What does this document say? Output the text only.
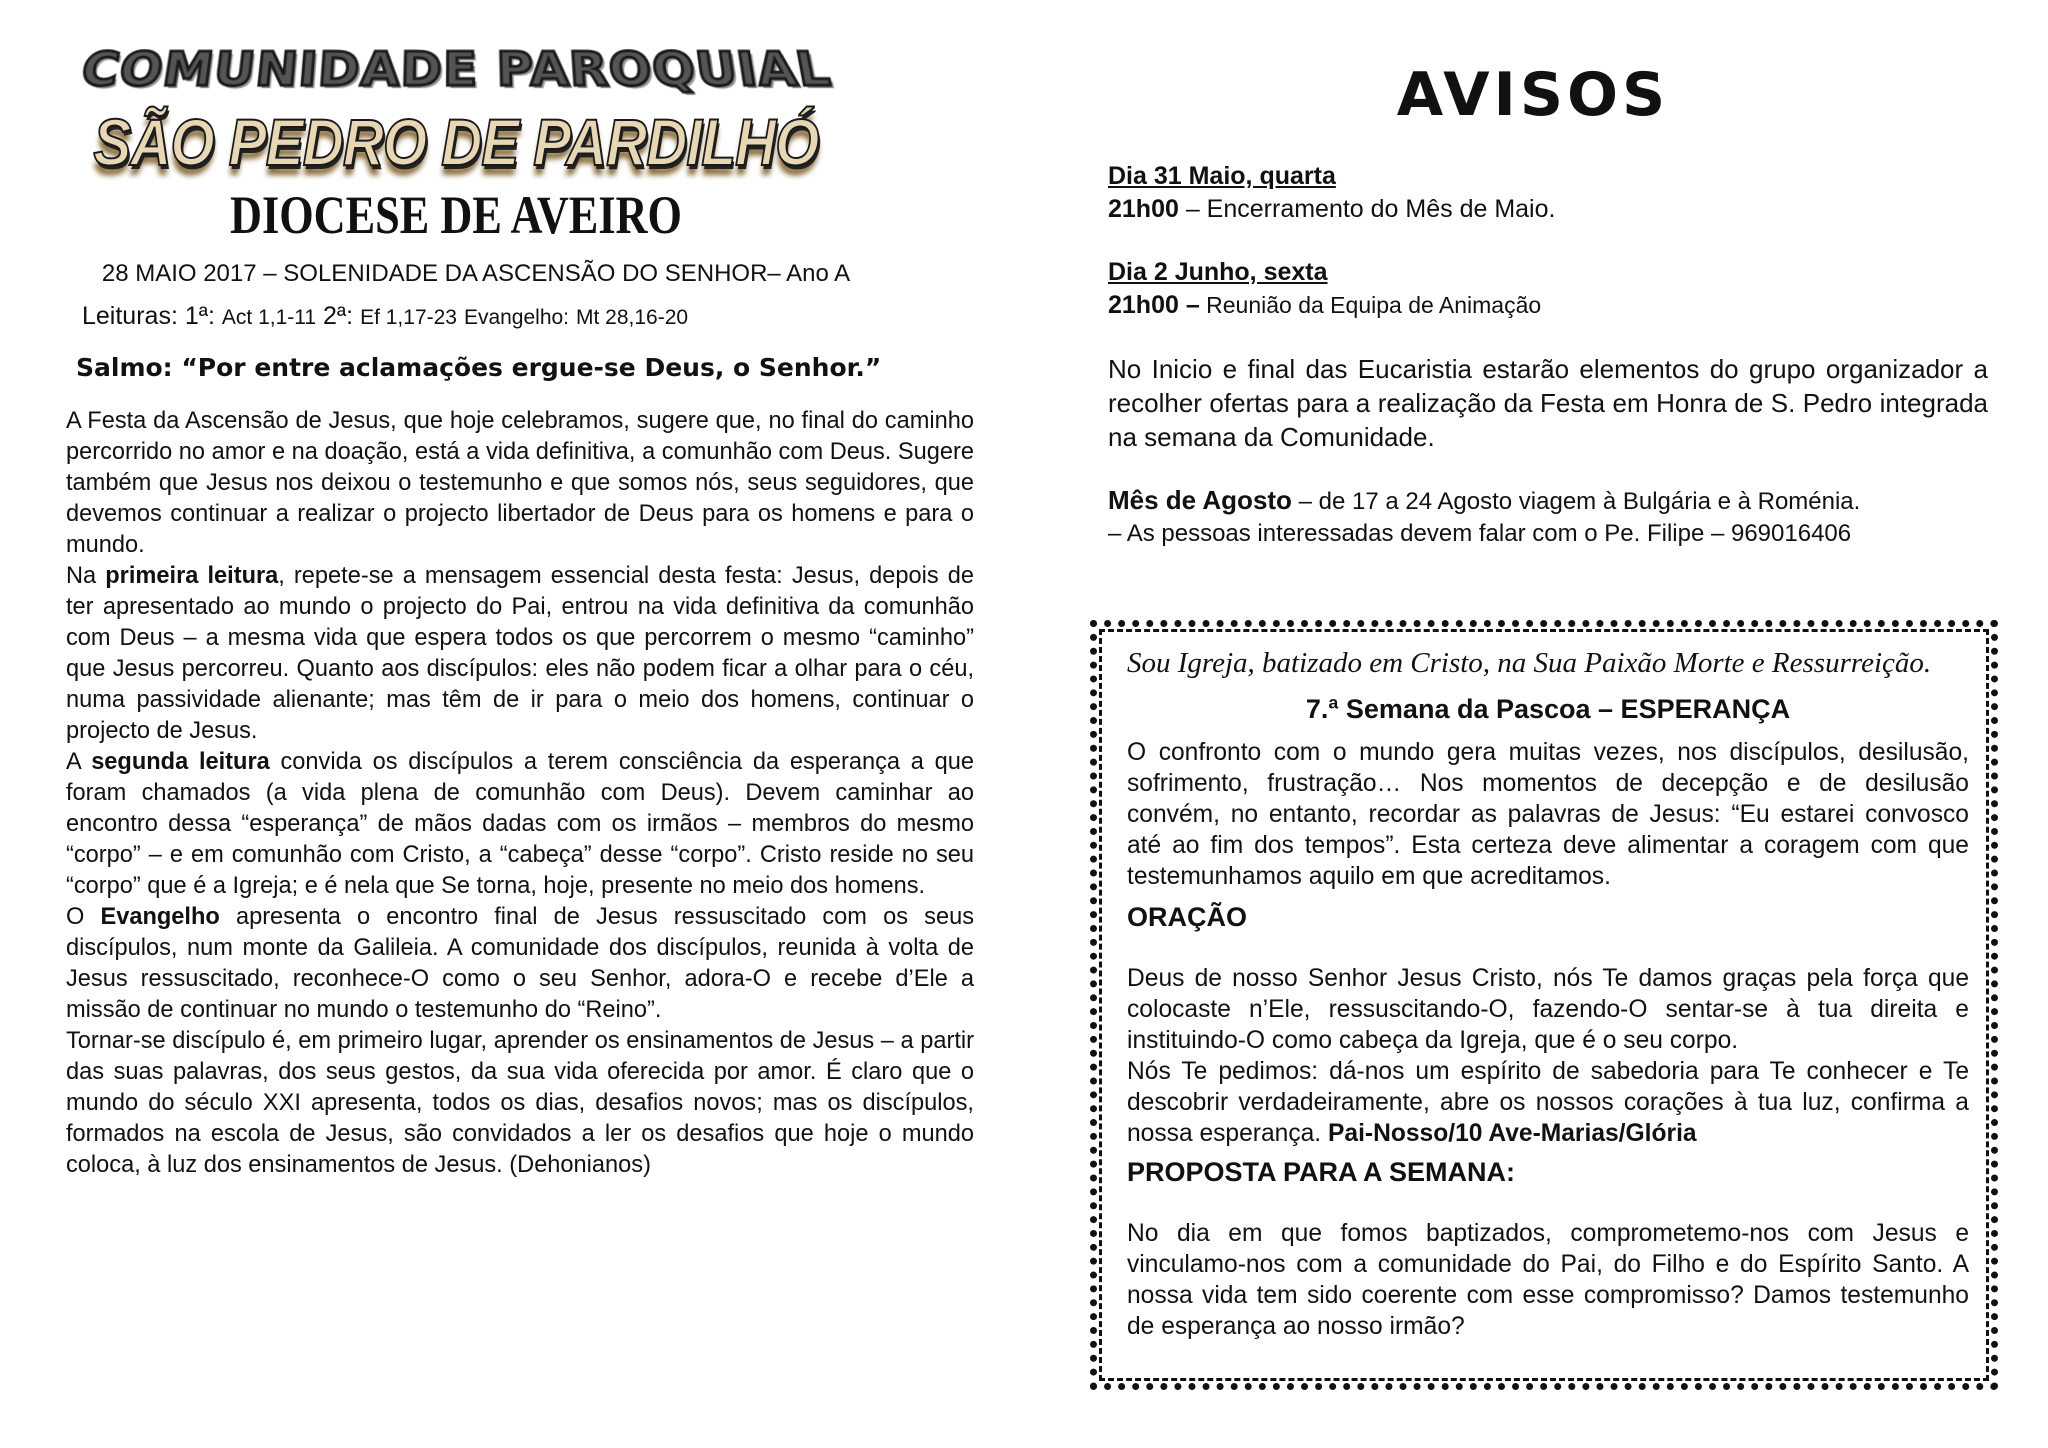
COMUNIDADE PAROQUIAL
SÃO PEDRO DE PARDILHÓ
DIOCESE DE AVEIRO
28 MAIO 2017 – SOLENIDADE DA ASCENSÃO DO SENHOR– Ano A
Leituras: 1ª: Act 1,1-11 2ª: Ef 1,17-23 Evangelho: Mt 28,16-20
Salmo: “Por entre aclamações ergue-se Deus, o Senhor.”

A Festa da Ascensão de Jesus, que hoje celebramos, sugere que, no final do caminho percorrido no amor e na doação, está a vida definitiva, a comunhão com Deus. Sugere também que Jesus nos deixou o testemunho e que somos nós, seus seguidores, que devemos continuar a realizar o projecto libertador de Deus para os homens e para o mundo.

Na primeira leitura, repete-se a mensagem essencial desta festa: Jesus, depois de ter apresentado ao mundo o projecto do Pai, entrou na vida definitiva da comunhão com Deus – a mesma vida que espera todos os que percorrem o mesmo “caminho” que Jesus percorreu. Quanto aos discípulos: eles não podem ficar a olhar para o céu, numa passividade alienante; mas têm de ir para o meio dos homens, continuar o projecto de Jesus.

A segunda leitura convida os discípulos a terem consciência da esperança a que foram chamados (a vida plena de comunhão com Deus). Devem caminhar ao encontro dessa “esperança” de mãos dadas com os irmãos – membros do mesmo “corpo” – e em comunhão com Cristo, a “cabeça” desse “corpo”. Cristo reside no seu “corpo” que é a Igreja; e é nela que Se torna, hoje, presente no meio dos homens.

O Evangelho apresenta o encontro final de Jesus ressuscitado com os seus discípulos, num monte da Galileia. A comunidade dos discípulos, reunida à volta de Jesus ressuscitado, reconhece-O como o seu Senhor, adora-O e recebe d’Ele a missão de continuar no mundo o testemunho do “Reino”.

Tornar-se discípulo é, em primeiro lugar, aprender os ensinamentos de Jesus – a partir das suas palavras, dos seus gestos, da sua vida oferecida por amor. É claro que o mundo do século XXI apresenta, todos os dias, desafios novos; mas os discípulos, formados na escola de Jesus, são convidados a ler os desafios que hoje o mundo coloca, à luz dos ensinamentos de Jesus. (Dehonianos)

AVISOS
Dia 31 Maio, quarta
21h00 – Encerramento do Mês de Maio.
Dia 2 Junho, sexta
21h00 – Reunião da Equipa de Animação
No Inicio e final das Eucaristia estarão elementos do grupo organizador a recolher ofertas para a realização da Festa em Honra de S. Pedro integrada na semana da Comunidade.
Mês de Agosto – de 17 a 24 Agosto viagem à Bulgária e à Roménia.
– As pessoas interessadas devem falar com o Pe. Filipe – 969016406
Sou Igreja, batizado em Cristo, na Sua Paixão Morte e Ressurreição.
7.ª Semana da Pascoa – ESPERANÇA

O confronto com o mundo gera muitas vezes, nos discípulos, desilusão, sofrimento, frustração… Nos momentos de decepção e de desilusão convém, no entanto, recordar as palavras de Jesus: “Eu estarei convosco até ao fim dos tempos”. Esta certeza deve alimentar a coragem com que testemunhamos aquilo em que acreditamos.

ORAÇÃO

Deus de nosso Senhor Jesus Cristo, nós Te damos graças pela força que colocaste n’Ele, ressuscitando-O, fazendo-O sentar-se à tua direita e instituindo-O como cabeça da Igreja, que é o seu corpo.

Nós Te pedimos: dá-nos um espírito de sabedoria para Te conhecer e Te descobrir verdadeiramente, abre os nossos corações à tua luz, confirma a nossa esperança. Pai-Nosso/10 Ave-Marias/Glória

PROPOSTA PARA A SEMANA:

No dia em que fomos baptizados, comprometemo-nos com Jesus e vinculamo-nos com a comunidade do Pai, do Filho e do Espírito Santo. A nossa vida tem sido coerente com esse compromisso? Damos testemunho de esperança ao nosso irmão?
